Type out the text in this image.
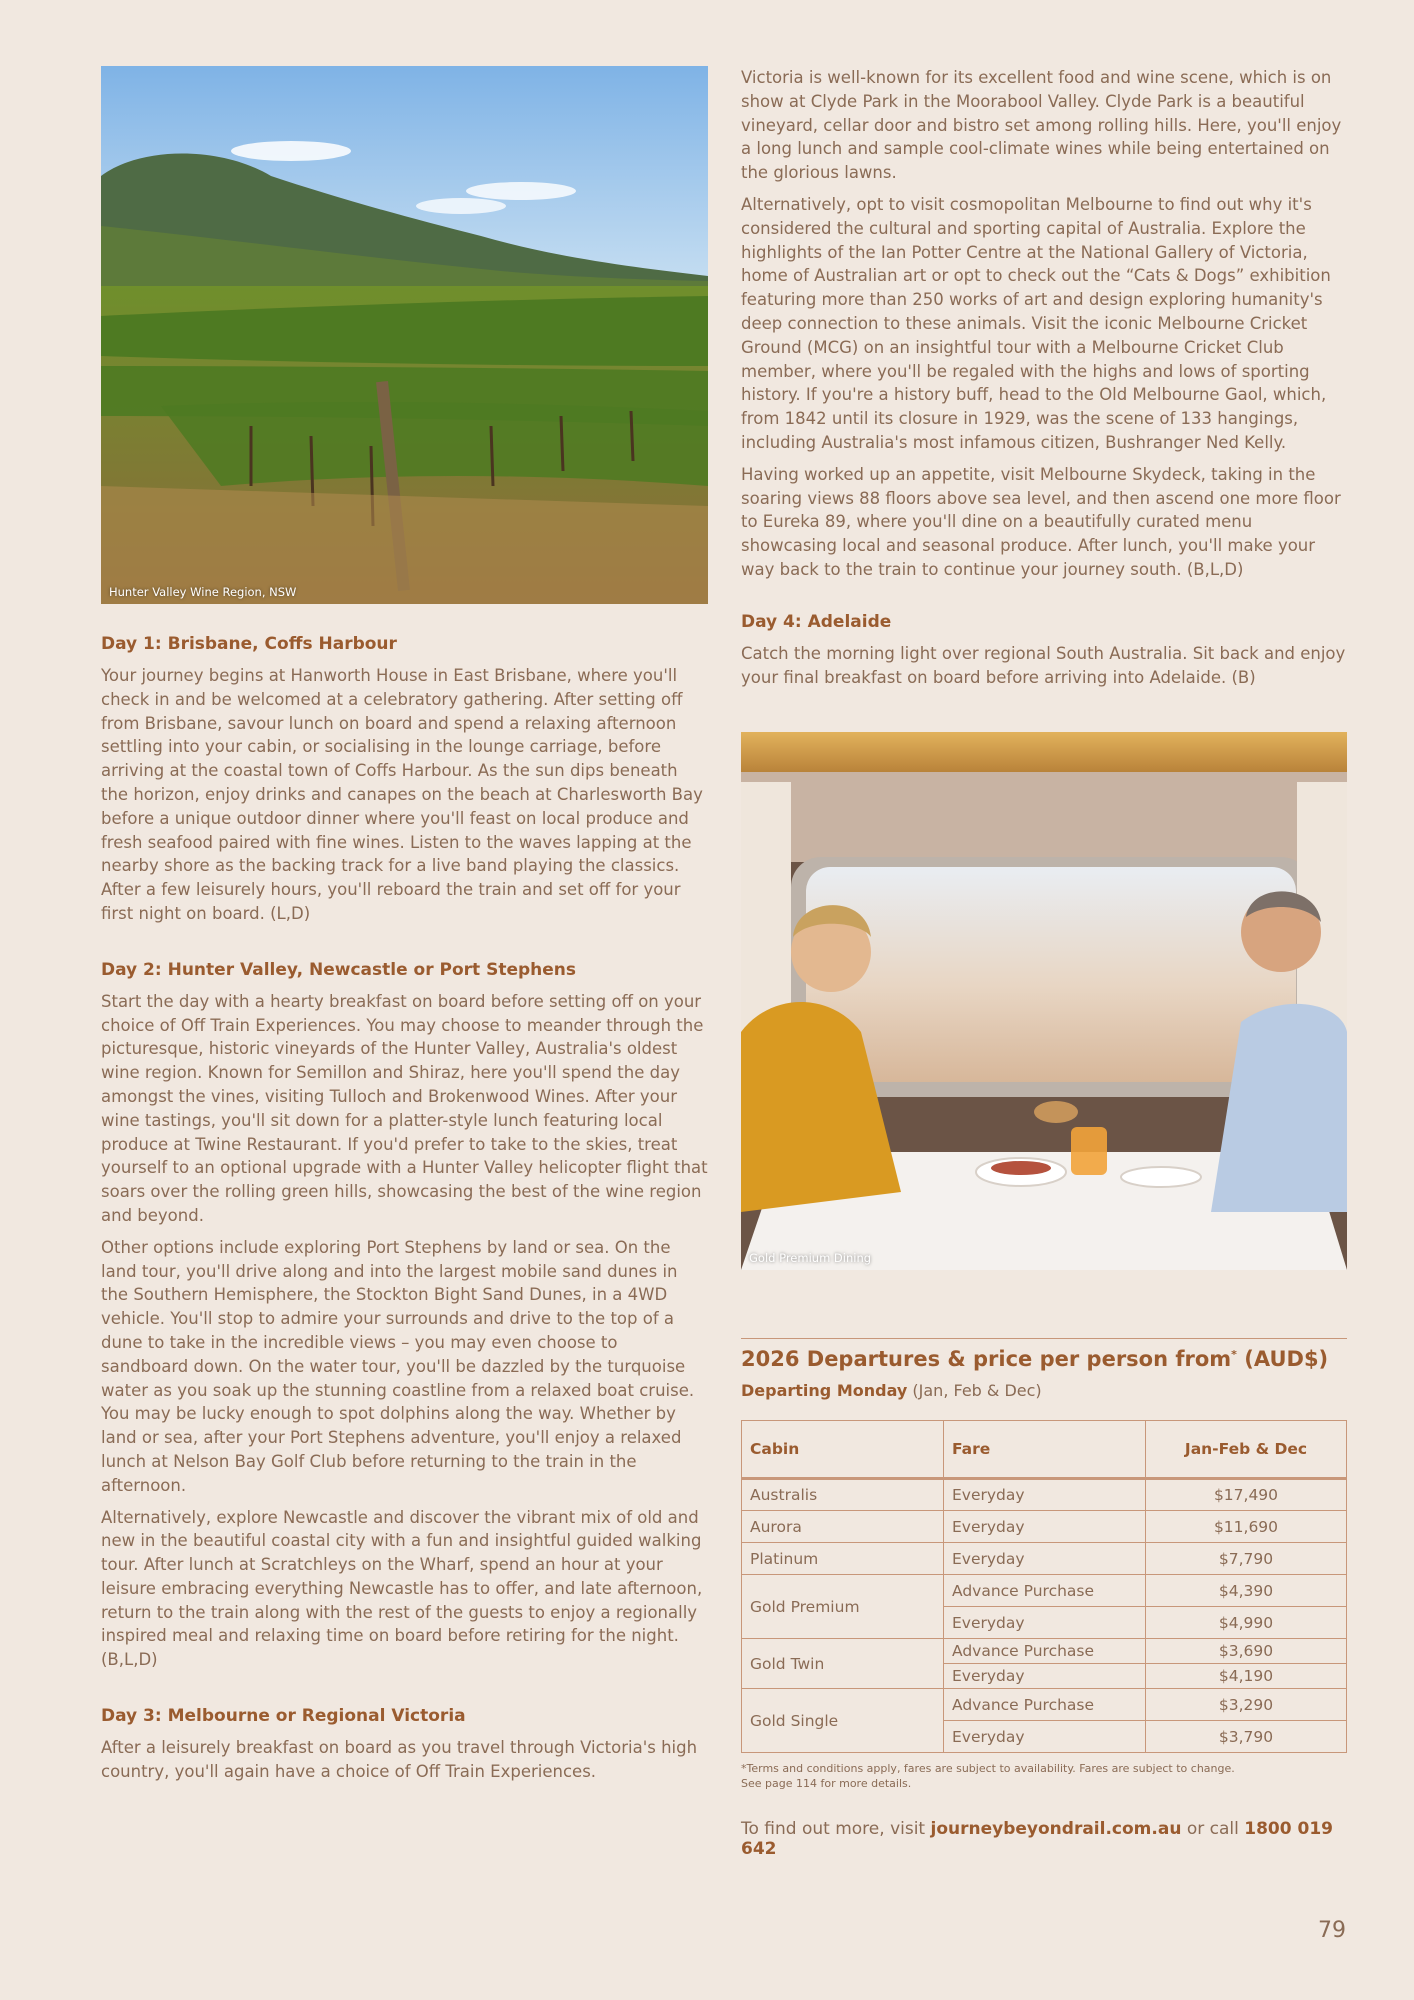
Hunter Valley Wine Region, NSW
Day 1: Brisbane, Coffs Harbour

Your journey begins at Hanworth House in East Brisbane, where you'll check in and be welcomed at a celebratory gathering. After setting off from Brisbane, savour lunch on board and spend a relaxing afternoon settling into your cabin, or socialising in the lounge carriage, before arriving at the coastal town of Coffs Harbour. As the sun dips beneath the horizon, enjoy drinks and canapes on the beach at Charlesworth Bay before a unique outdoor dinner where you'll feast on local produce and fresh seafood paired with fine wines. Listen to the waves lapping at the nearby shore as the backing track for a live band playing the classics. After a few leisurely hours, you'll reboard the train and set off for your first night on board. (L,D)

Day 2: Hunter Valley, Newcastle or Port Stephens

Start the day with a hearty breakfast on board before setting off on your choice of Off Train Experiences. You may choose to meander through the picturesque, historic vineyards of the Hunter Valley, Australia's oldest wine region. Known for Semillon and Shiraz, here you'll spend the day amongst the vines, visiting Tulloch and Brokenwood Wines. After your wine tastings, you'll sit down for a platter-style lunch featuring local produce at Twine Restaurant. If you'd prefer to take to the skies, treat yourself to an optional upgrade with a Hunter Valley helicopter flight that soars over the rolling green hills, showcasing the best of the wine region and beyond.

Other options include exploring Port Stephens by land or sea. On the land tour, you'll drive along and into the largest mobile sand dunes in the Southern Hemisphere, the Stockton Bight Sand Dunes, in a 4WD vehicle. You'll stop to admire your surrounds and drive to the top of a dune to take in the incredible views – you may even choose to sandboard down. On the water tour, you'll be dazzled by the turquoise water as you soak up the stunning coastline from a relaxed boat cruise. You may be lucky enough to spot dolphins along the way. Whether by land or sea, after your Port Stephens adventure, you'll enjoy a relaxed lunch at Nelson Bay Golf Club before returning to the train in the afternoon.

Alternatively, explore Newcastle and discover the vibrant mix of old and new in the beautiful coastal city with a fun and insightful guided walking tour. After lunch at Scratchleys on the Wharf, spend an hour at your leisure embracing everything Newcastle has to offer, and late afternoon, return to the train along with the rest of the guests to enjoy a regionally inspired meal and relaxing time on board before retiring for the night. (B,L,D)

Day 3: Melbourne or Regional Victoria

After a leisurely breakfast on board as you travel through Victoria's high country, you'll again have a choice of Off Train Experiences.

Victoria is well-known for its excellent food and wine scene, which is on show at Clyde Park in the Moorabool Valley. Clyde Park is a beautiful vineyard, cellar door and bistro set among rolling hills. Here, you'll enjoy a long lunch and sample cool-climate wines while being entertained on the glorious lawns.

Alternatively, opt to visit cosmopolitan Melbourne to find out why it's considered the cultural and sporting capital of Australia. Explore the highlights of the Ian Potter Centre at the National Gallery of Victoria, home of Australian art or opt to check out the “Cats & Dogs” exhibition featuring more than 250 works of art and design exploring humanity's deep connection to these animals. Visit the iconic Melbourne Cricket Ground (MCG) on an insightful tour with a Melbourne Cricket Club member, where you'll be regaled with the highs and lows of sporting history. If you're a history buff, head to the Old Melbourne Gaol, which, from 1842 until its closure in 1929, was the scene of 133 hangings, including Australia's most infamous citizen, Bushranger Ned Kelly.

Having worked up an appetite, visit Melbourne Skydeck, taking in the soaring views 88 floors above sea level, and then ascend one more floor to Eureka 89, where you'll dine on a beautifully curated menu showcasing local and seasonal produce. After lunch, you'll make your way back to the train to continue your journey south. (B,L,D)

Day 4: Adelaide

Catch the morning light over regional South Australia. Sit back and enjoy your final breakfast on board before arriving into Adelaide. (B)

Gold Premium Dining
2026 Departures & price per person from* (AUD$)
Departing Monday (Jan, Feb & Dec)
Cabin	Fare	Jan-Feb & Dec
Australis	Everyday	$17,490
Aurora	Everyday	$11,690
Platinum	Everyday	$7,790
Gold Premium	Advance Purchase	$4,390
	Everyday	$4,990
Gold Twin	Advance Purchase	$3,690
	Everyday	$4,190
Gold Single	Advance Purchase	$3,290
	Everyday	$3,790
*Terms and conditions apply, fares are subject to availability. Fares are subject to change.
See page 114 for more details.
To find out more, visit journeybeyondrail.com.au or call 1800 019 642
79
